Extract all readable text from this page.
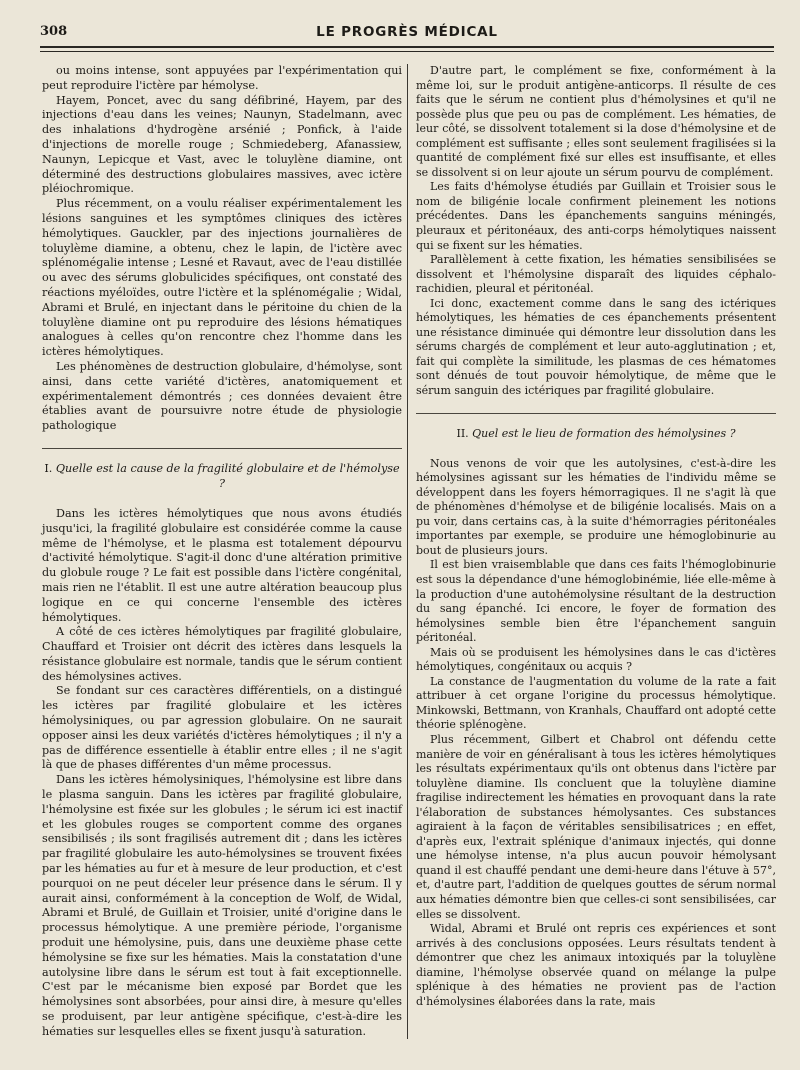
308	LE PROGRÈS MÉDICAL

ou moins intense, sont appuyées par l'expérimentation qui peut reproduire l'ictère par hémolyse.

Hayem, Poncet, avec du sang défibriné, Hayem, par des injections d'eau dans les veines; Naunyn, Stadelmann, avec des inhalations d'hydrogène arsénié ; Ponfick, à l'aide d'injections de morelle rouge ; Schmiedeberg, Afanassiew, Naunyn, Lepicque et Vast, avec le toluylène diamine, ont déterminé des destructions globulaires massives, avec ictère pléiochromique.

Plus récemment, on a voulu réaliser expérimentalement les lésions sanguines et les symptômes cliniques des ictères hémolytiques. Gauckler, par des injections journalières de toluylème diamine, a obtenu, chez le lapin, de l'ictère avec splénomégalie intense ; Lesné et Ravaut, avec de l'eau distillée ou avec des sérums globulicides spécifiques, ont constaté des réactions myéloïdes, outre l'ictère et la splénomégalie ; Widal, Abrami et Brulé, en injectant dans le péritoine du chien de la toluylène diamine ont pu reproduire des lésions hématiques analogues à celles qu'on rencontre chez l'homme dans les ictères hémolytiques.

Les phénomènes de destruction globulaire, d'hémolyse, sont ainsi, dans cette variété d'ictères, anatomiquement et expérimentalement démontrés ; ces données devaient être établies avant de poursuivre notre étude de physiologie pathologique

I. Quelle est la cause de la fragilité globulaire et de l'hémolyse ?

Dans les ictères hémolytiques que nous avons étudiés jusqu'ici, la fragilité globulaire est considérée comme la cause même de l'hémolyse, et le plasma est totalement dépourvu d'activité hémolytique. S'agit-il donc d'une altération primitive du globule rouge ? Le fait est possible dans l'ictère congénital, mais rien ne l'établit. Il est une autre altération beaucoup plus logique en ce qui concerne l'ensemble des ictères hémolytiques.

A côté de ces ictères hémolytiques par fragilité globulaire, Chauffard et Troisier ont décrit des ictères dans lesquels la résistance globulaire est normale, tandis que le sérum contient des hémolysines actives.

Se fondant sur ces caractères différentiels, on a distingué les ictères par fragilité globulaire et les ictères hémolysiniques, ou par agression globulaire. On ne saurait opposer ainsi les deux variétés d'ictères hémolytiques ; il n'y a pas de différence essentielle à établir entre elles ; il ne s'agit là que de phases différentes d'un même processus.

Dans les ictères hémolysiniques, l'hémolysine est libre dans le plasma sanguin. Dans les ictères par fragilité globulaire, l'hémolysine est fixée sur les globules ; le sérum ici est inactif et les globules rouges se comportent comme des organes sensibilisés ; ils sont fragilisés autrement dit ; dans les ictères par fragilité globulaire les auto-hémolysines se trouvent fixées par les hématies au fur et à mesure de leur production, et c'est pourquoi on ne peut déceler leur présence dans le sérum. Il y aurait ainsi, conformément à la conception de Wolf, de Widal, Abrami et Brulé, de Guillain et Troisier, unité d'origine dans le processus hémolytique. A une première période, l'organisme produit une hémolysine, puis, dans une deuxième phase cette hémolysine se fixe sur les hématies. Mais la constatation d'une autolysine libre dans le sérum est tout à fait exceptionnelle. C'est par le mécanisme bien exposé par Bordet que les hémolysines sont absorbées, pour ainsi dire, à mesure qu'elles se produisent, par leur antigène spécifique, c'est-à-dire les hématies sur lesquelles elles se fixent jusqu'à saturation.

D'autre part, le complément se fixe, conformément à la même loi, sur le produit antigène-anticorps. Il résulte de ces faits que le sérum ne contient plus d'hémolysines et qu'il ne possède plus que peu ou pas de complément. Les hématies, de leur côté, se dissolvent totalement si la dose d'hémolysine et de complément est suffisante ; elles sont seulement fragilisées si la quantité de complément fixé sur elles est insuffisante, et elles se dissolvent si on leur ajoute un sérum pourvu de complément.

Les faits d'hémolyse étudiés par Guillain et Troisier sous le nom de biligénie locale confirment pleinement les notions précédentes. Dans les épanchements sanguins méningés, pleuraux et péritonéaux, des anti-corps hémolytiques naissent qui se fixent sur les hématies.

Parallèlement à cette fixation, les hématies sensibilisées se dissolvent et l'hémolysine disparaît des liquides céphalo-rachidien, pleural et péritonéal.

Ici donc, exactement comme dans le sang des ictériques hémolytiques, les hématies de ces épanchements présentent une résistance diminuée qui démontre leur dissolution dans les sérums chargés de complément et leur auto-agglutination ; et, fait qui complète la similitude, les plasmas de ces hématomes sont dénués de tout pouvoir hémolytique, de même que le sérum sanguin des ictériques par fragilité globulaire.

II. Quel est le lieu de formation des hémolysines ?

Nous venons de voir que les autolysines, c'est-à-dire les hémolysines agissant sur les hématies de l'individu même se développent dans les foyers hémorragiques. Il ne s'agit là que de phénomènes d'hémolyse et de biligénie localisés. Mais on a pu voir, dans certains cas, à la suite d'hémorragies péritonéales importantes par exemple, se produire une hémoglobinurie au bout de plusieurs jours.

Il est bien vraisemblable que dans ces faits l'hémoglobinurie est sous la dépendance d'une hémoglobinémie, liée elle-même à la production d'une autohémolysine résultant de la destruction du sang épanché. Ici encore, le foyer de formation des hémolysines semble bien être l'épanchement sanguin péritonéal.

Mais où se produisent les hémolysines dans le cas d'ictères hémolytiques, congénitaux ou acquis ?

La constance de l'augmentation du volume de la rate a fait attribuer à cet organe l'origine du processus hémolytique. Minkowski, Bettmann, von Kranhals, Chauffard ont adopté cette théorie splénogène.

Plus récemment, Gilbert et Chabrol ont défendu cette manière de voir en généralisant à tous les ictères hémolytiques les résultats expérimentaux qu'ils ont obtenus dans l'ictère par toluylène diamine. Ils concluent que la toluylène diamine fragilise indirectement les hématies en provoquant dans la rate l'élaboration de substances hémolysantes. Ces substances agiraient à la façon de véritables sensibilisatrices ; en effet, d'après eux, l'extrait splénique d'animaux injectés, qui donne une hémolyse intense, n'a plus aucun pouvoir hémolysant quand il est chauffé pendant une demi-heure dans l'étuve à 57°, et, d'autre part, l'addition de quelques gouttes de sérum normal aux hématies démontre bien que celles-ci sont sensibilisées, car elles se dissolvent.

Widal, Abrami et Brulé ont repris ces expériences et sont arrivés à des conclusions opposées. Leurs résultats tendent à démontrer que chez les animaux intoxiqués par la toluylène diamine, l'hémolyse observée quand on mélange la pulpe splénique à des hématies ne provient pas de l'action d'hémolysines élaborées dans la rate, mais
